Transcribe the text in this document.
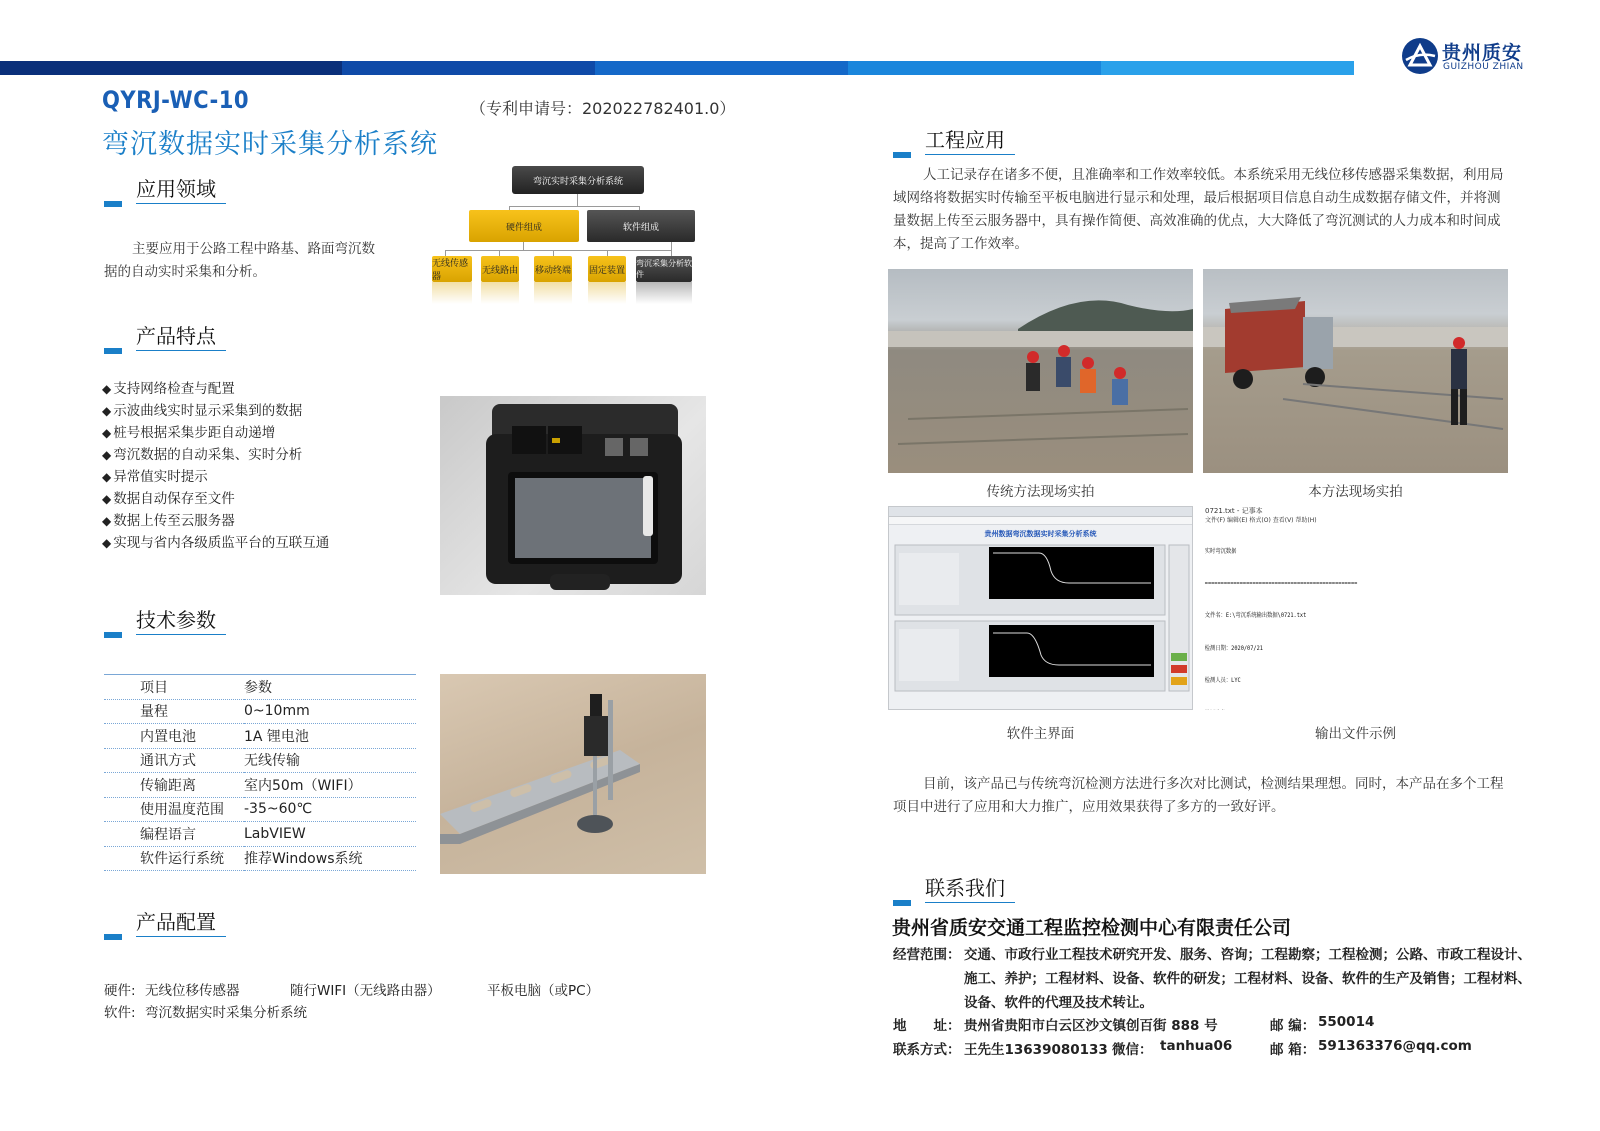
贵州质安
GUIZHOU ZHIAN
QYRJ-WC-10	（专利申请号：202022782401.0）
弯沉数据实时采集分析系统
应用领域
主要应用于公路工程中路基、路面弯沉数据的自动实时采集和分析。
弯沉实时采集分析系统
硬件组成	软件组成
无线传感器
无线路由 移动终端 固定装置
弯沉采集分析软件
产品特点
◆ 支持网络检查与配置
◆ 示波曲线实时显示采集到的数据
◆ 桩号根据采集步距自动递增
◆ 弯沉数据的自动采集、实时分析
◆ 异常值实时提示
◆ 数据自动保存至文件
◆ 数据上传至云服务器
◆ 实现与省内各级质监平台的互联互通
技术参数
项目	参数
量程	0~10mm
内置电池	1A 锂电池
通讯方式	无线传输
传输距离	室内50m（WIFI）
使用温度范围	-35~60℃
编程语言	LabVIEW
软件运行系统	推荐Windows系统
产品配置
硬件: 无线位移传感器	随行WIFI（无线路由器）	平板电脑（或PC）
软件: 弯沉数据实时采集分析系统
工程应用
人工记录存在诸多不便，且准确率和工作效率较低。本系统采用无线位移传感器采集数据，利用局域网络将数据实时传输至平板电脑进行显示和处理，最后根据项目信息自动生成数据存储文件，并将测量数据上传至云服务器中，具有操作简便、高效准确的优点，大大降低了弯沉测试的人力成本和时间成本，提高了工作效率。
传统方法现场实拍	本方法现场实拍
贵州数据弯沉数据实时采集分析系统
0721.txt - 记事本
文件(F) 编辑(E) 格式(O) 查看(V) 帮助(H)

实时弯沉数据

================================================

文件名：E:\弯沉系统输出数据\0721.txt

检测日期：2020/07/21

检测人员：LYC

软件主界面	输出文件示例
目前，该产品已与传统弯沉检测方法进行多次对比测试，检测结果理想。同时，本产品在多个工程项目中进行了应用和大力推广，应用效果获得了多方的一致好评。
联系我们
贵州省质安交通工程监控检测中心有限责任公司
经营范围： 交通、市政行业工程技术研究开发、服务、咨询；工程勘察；工程检测；公路、市政工程设计、施工、养护；工程材料、设备、软件的研发；工程材料、设备、软件的生产及销售；工程材料、设备、软件的代理及技术转让。
地　　址： 贵州省贵阳市白云区沙文镇创百街 888 号	邮 编： 550014
联系方式： 王先生13639080133 微信： tanhua06	邮 箱： 591363376@qq.com
